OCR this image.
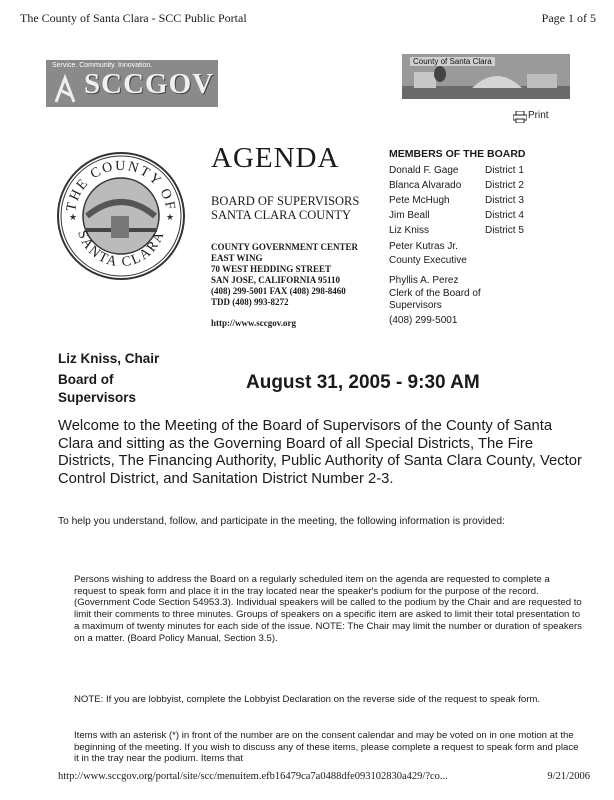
The County of Santa Clara - SCC Public Portal	Page 1 of 5
Service. Community. Innovation.
SCCGOV
County of Santa Clara
Print
THE COUNTY OF
SANTA CLARA
★	★
AGENDA
BOARD OF SUPERVISORS
SANTA CLARA COUNTY
COUNTY GOVERNMENT CENTER
EAST WING
70 WEST HEDDING STREET
SAN JOSE, CALIFORNIA 95110
(408) 299-5001 FAX (408) 298-8460
TDD (408) 993-8272
http://www.sccgov.org
MEMBERS OF THE BOARD
Donald F. Gage	District 1
Blanca Alvarado	District 2
Pete McHugh	District 3
Jim Beall	District 4
Liz Kniss	District 5
Peter Kutras Jr.
County Executive
Phyllis A. Perez
Clerk of the Board of Supervisors
(408) 299-5001
Liz Kniss, Chair
Board of
Supervisors
August 31, 2005 - 9:30 AM
Welcome to the Meeting of the Board of Supervisors of the County of Santa Clara and sitting as the Governing Board of all Special Districts, The Fire Districts, The Financing Authority, Public Authority of Santa Clara County, Vector Control District, and Sanitation District Number 2-3.
To help you understand, follow, and participate in the meeting, the following information is provided:
Persons wishing to address the Board on a regularly scheduled item on the agenda are requested to complete a request to speak form and place it in the tray located near the speaker's podium for the purpose of the record. (Government Code Section 54953.3). Individual speakers will be called to the podium by the Chair and are requested to limit their comments to three minutes. Groups of speakers on a specific item are asked to limit their total presentation to a maximum of twenty minutes for each side of the issue. NOTE: The Chair may limit the number or duration of speakers on a matter. (Board Policy Manual, Section 3.5).
NOTE: If you are lobbyist, complete the Lobbyist Declaration on the reverse side of the request to speak form.
Items with an asterisk (*) in front of the number are on the consent calendar and may be voted on in one motion at the beginning of the meeting. If you wish to discuss any of these items, please complete a request to speak form and place it in the tray near the podium. Items that
http://www.sccgov.org/portal/site/scc/menuitem.efb16479ca7a0488dfe093102830a429/?co...	9/21/2006
